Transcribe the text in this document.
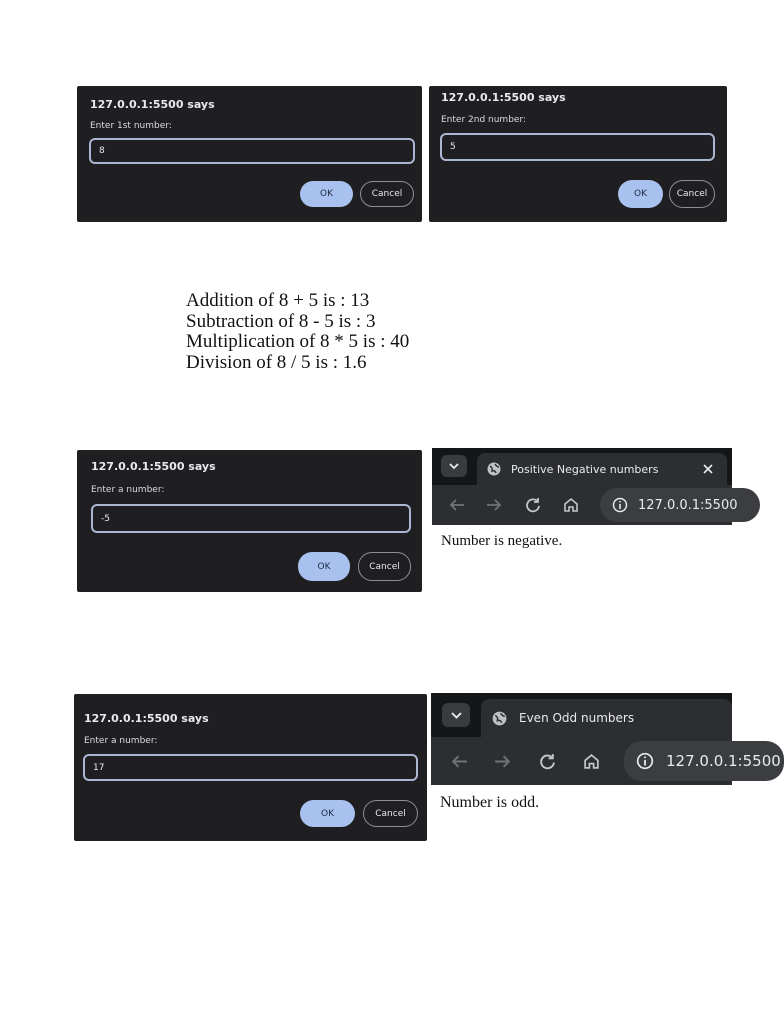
127.0.0.1:5500 says
Enter 1st number:
8
OK	Cancel
127.0.0.1:5500 says
Enter 2nd number:
5
OK	Cancel
Addition of 8 + 5 is : 13
Subtraction of 8 - 5 is : 3
Multiplication of 8 * 5 is : 40
Division of 8 / 5 is : 1.6
127.0.0.1:5500 says
Enter a number:
-5
OK	Cancel
Positive Negative numbers
127.0.0.1:5500
Number is negative.
127.0.0.1:5500 says
Enter a number:
17
OK	Cancel
Even Odd numbers
127.0.0.1:5500
Number is odd.
